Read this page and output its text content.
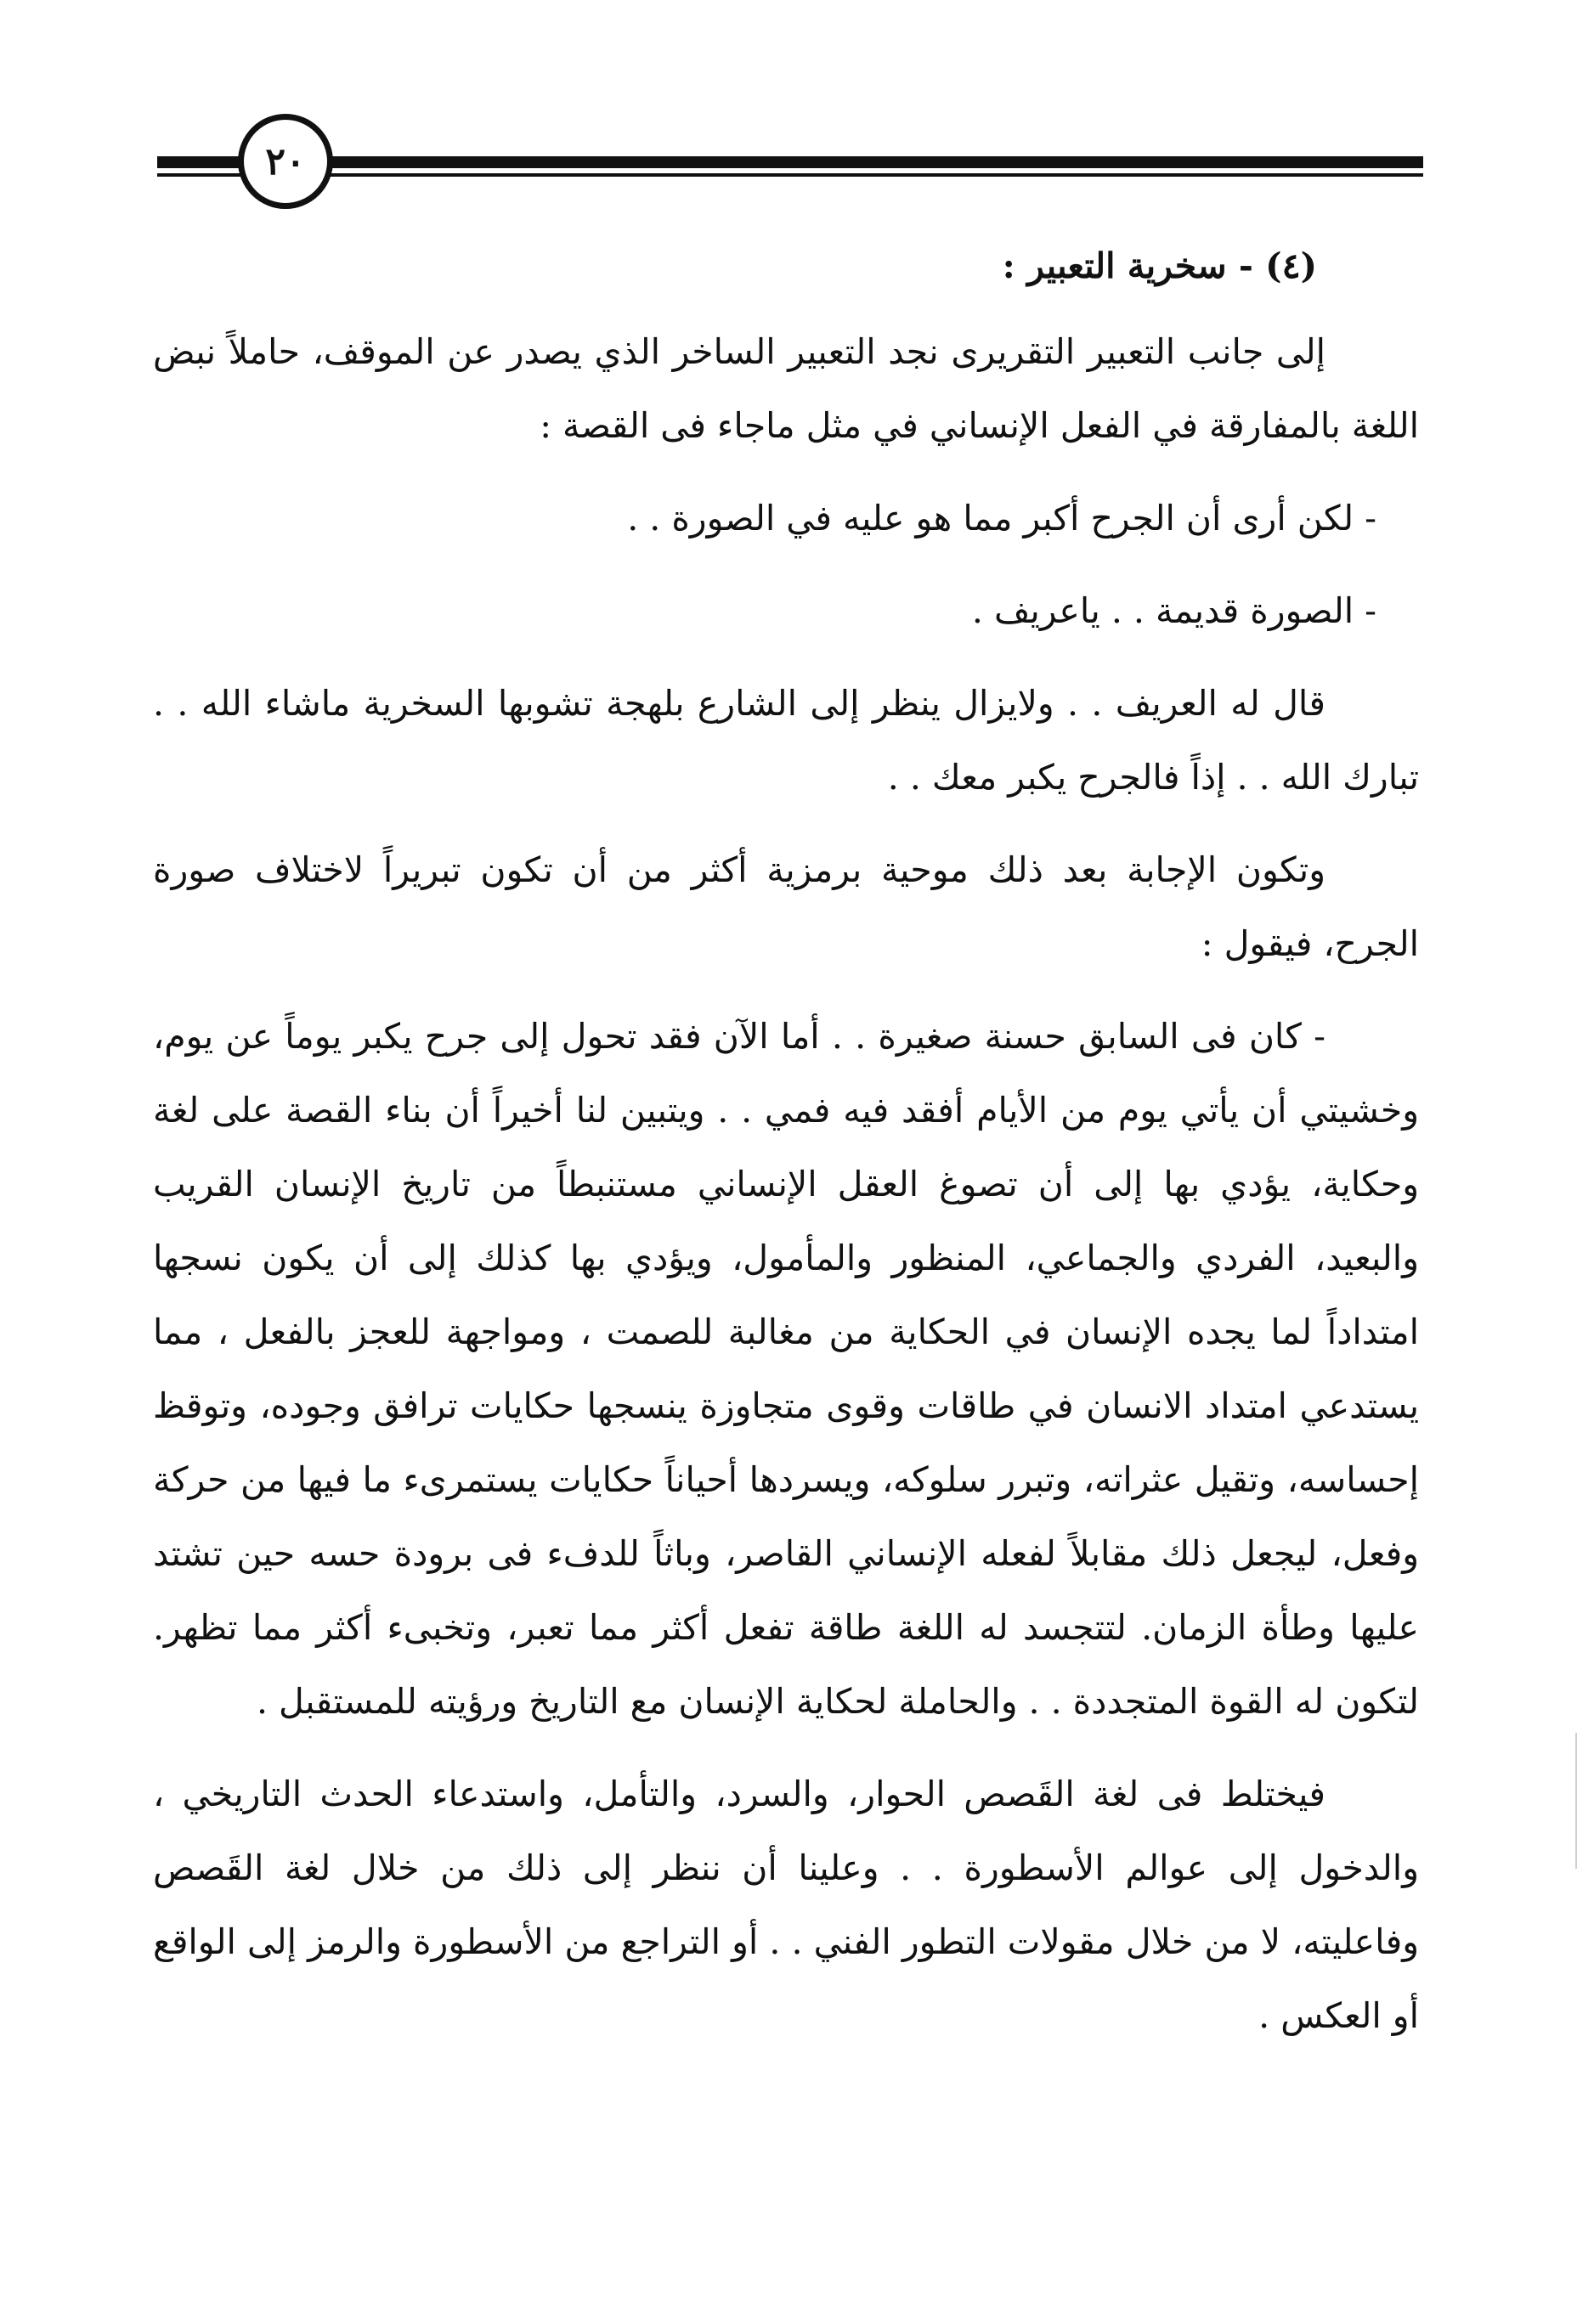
٢٠

(٤) - سخرية التعبير :

إلى جانب التعبير التقريرى نجد التعبير الساخر الذي يصدر عن الموقف، حاملاً نبض اللغة بالمفارقة في الفعل الإنساني في مثل ماجاء فى القصة :

- لكن أرى أن الجرح أكبر مما هو عليه في الصورة . .

- الصورة قديمة . . ياعريف .

قال له العريف . . ولايزال ينظر إلى الشارع بلهجة تشوبها السخرية ماشاء الله . . تبارك الله . . إذاً فالجرح يكبر معك . .

وتكون الإجابة بعد ذلك موحية برمزية أكثر من أن تكون تبريراً لاختلاف صورة الجرح، فيقول :

- كان فى السابق حسنة صغيرة . . أما الآن فقد تحول إلى جرح يكبر يوماً عن يوم، وخشيتي أن يأتي يوم من الأيام أفقد فيه فمي . . ويتبين لنا أخيراً أن بناء القصة على لغة وحكاية، يؤدي بها إلى أن تصوغ العقل الإنساني مستنبطاً من تاريخ الإنسان القريب والبعيد، الفردي والجماعي، المنظور والمأمول، ويؤدي بها كذلك إلى أن يكون نسجها امتداداً لما يجده الإنسان في الحكاية من مغالبة للصمت ، ومواجهة للعجز بالفعل ، مما يستدعي امتداد الانسان في طاقات وقوى متجاوزة ينسجها حكايات ترافق وجوده، وتوقظ إحساسه، وتقيل عثراته، وتبرر سلوكه، ويسردها أحياناً حكايات يستمرىء ما فيها من حركة وفعل، ليجعل ذلك مقابلاً لفعله الإنساني القاصر، وباثاً للدفء فى برودة حسه حين تشتد عليها وطأة الزمان. لتتجسد له اللغة طاقة تفعل أكثر مما تعبر، وتخبىء أكثر مما تظهر. لتكون له القوة المتجددة . . والحاملة لحكاية الإنسان مع التاريخ ورؤيته للمستقبل .

فيختلط فى لغة القَصص الحوار، والسرد، والتأمل، واستدعاء الحدث التاريخي ، والدخول إلى عوالم الأسطورة . . وعلينا أن ننظر إلى ذلك من خلال لغة القَصص وفاعليته، لا من خلال مقولات التطور الفني . . أو التراجع من الأسطورة والرمز إلى الواقع أو العكس .
